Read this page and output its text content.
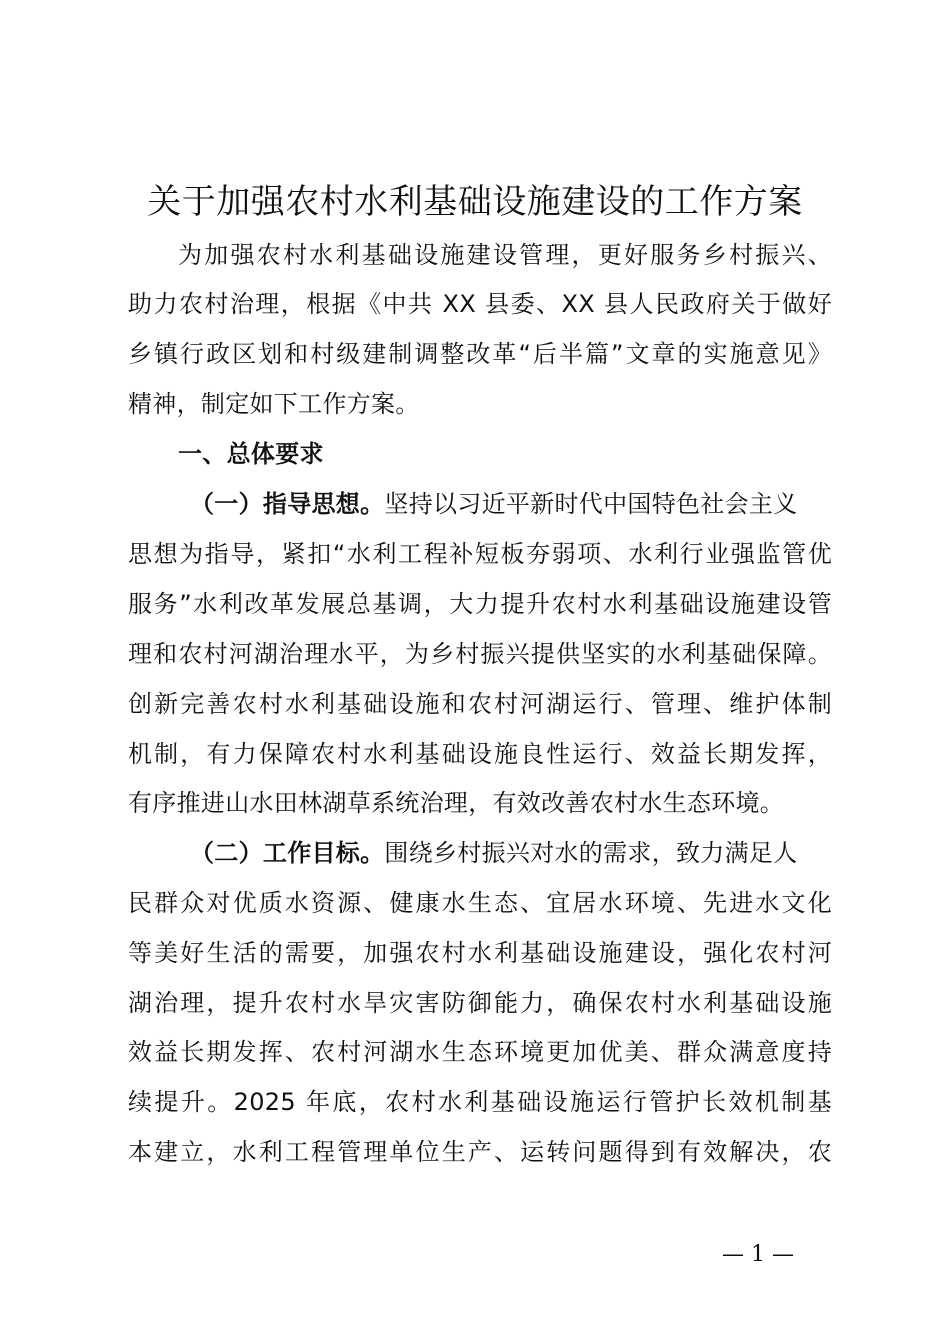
关于加强农村水利基础设施建设的工作方案
为加强农村水利基础设施建设管理，更好服务乡村振兴、
助力农村治理，根据《中共 XX 县委、XX 县人民政府关于做好
乡镇行政区划和村级建制调整改革“后半篇”文章的实施意见》
精神，制定如下工作方案。
一、总体要求
（一）指导思想。坚持以习近平新时代中国特色社会主义
思想为指导，紧扣“水利工程补短板夯弱项、水利行业强监管优
服务”水利改革发展总基调，大力提升农村水利基础设施建设管
理和农村河湖治理水平，为乡村振兴提供坚实的水利基础保障。
创新完善农村水利基础设施和农村河湖运行、管理、维护体制
机制，有力保障农村水利基础设施良性运行、效益长期发挥，
有序推进山水田林湖草系统治理，有效改善农村水生态环境。
（二）工作目标。围绕乡村振兴对水的需求，致力满足人
民群众对优质水资源、健康水生态、宜居水环境、先进水文化
等美好生活的需要，加强农村水利基础设施建设，强化农村河
湖治理，提升农村水旱灾害防御能力，确保农村水利基础设施
效益长期发挥、农村河湖水生态环境更加优美、群众满意度持
续提升。2025 年底，农村水利基础设施运行管护长效机制基
本建立，水利工程管理单位生产、运转问题得到有效解决，农
— 1 —
